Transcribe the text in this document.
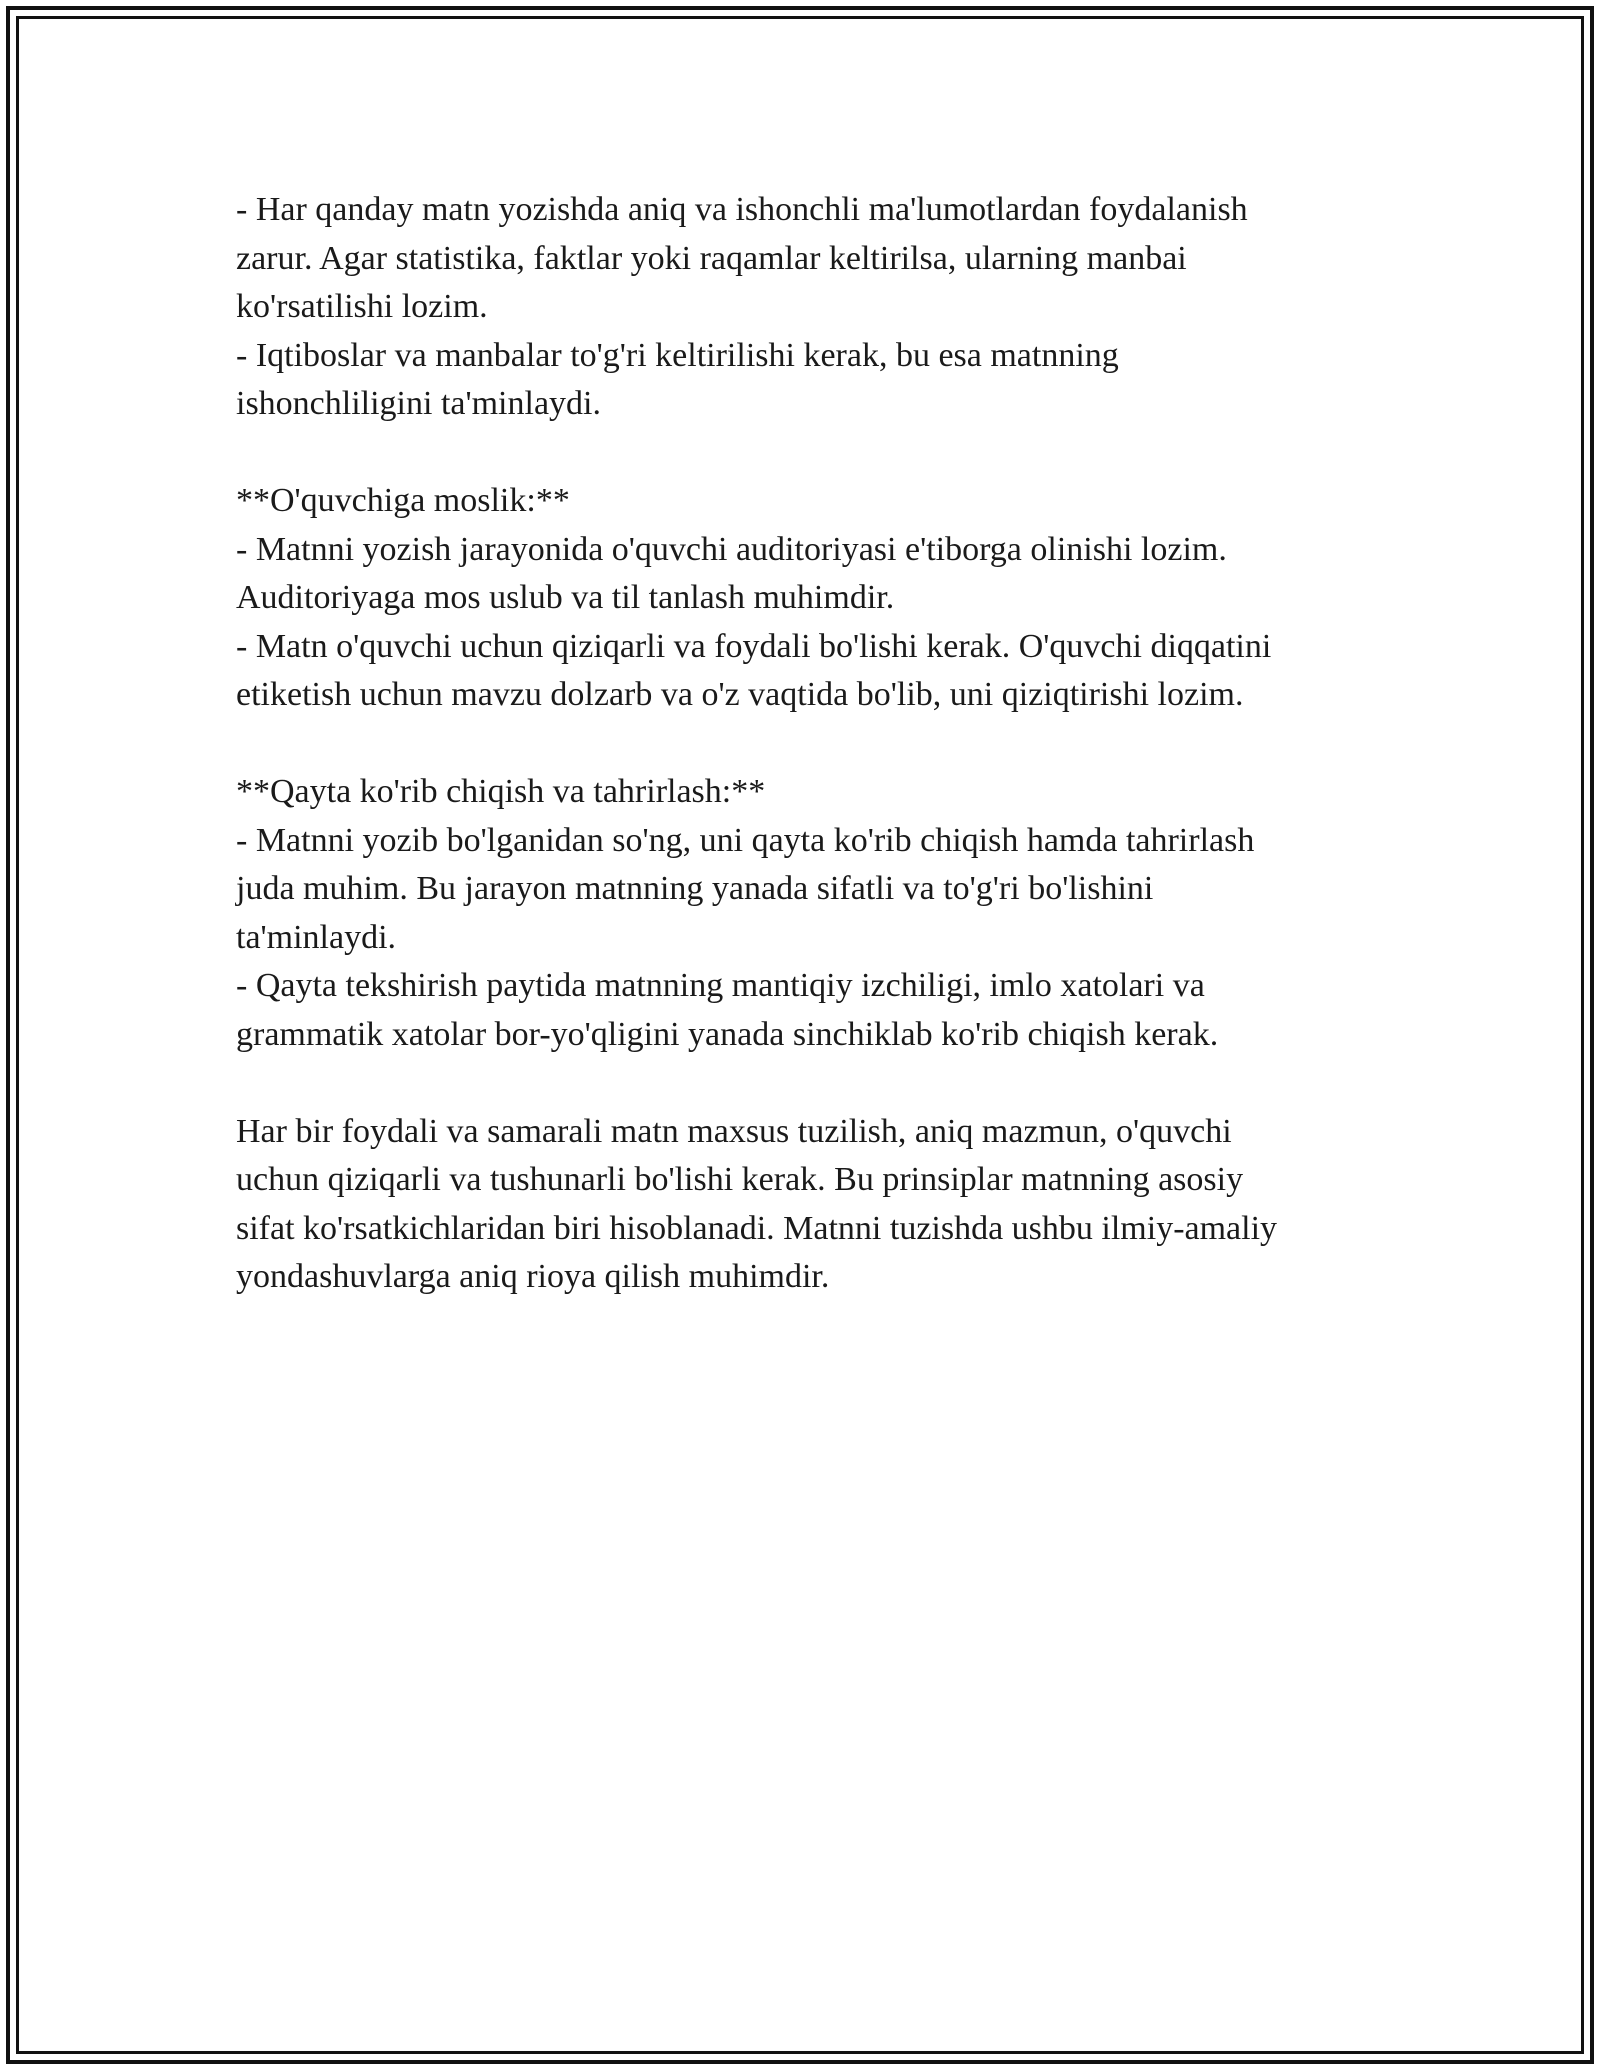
- Har qanday matn yozishda aniq va ishonchli ma'lumotlardan foydalanish
zarur. Agar statistika, faktlar yoki raqamlar keltirilsa, ularning manbai
ko'rsatilishi lozim.

- Iqtiboslar va manbalar to'g'ri keltirilishi kerak, bu esa matnning
ishonchliligini ta'minlaydi.

**O'quvchiga moslik:**

- Matnni yozish jarayonida o'quvchi auditoriyasi e'tiborga olinishi lozim.
Auditoriyaga mos uslub va til tanlash muhimdir.

- Matn o'quvchi uchun qiziqarli va foydali bo'lishi kerak. O'quvchi diqqatini
etiketish uchun mavzu dolzarb va o'z vaqtida bo'lib, uni qiziqtirishi lozim.

**Qayta ko'rib chiqish va tahrirlash:**

- Matnni yozib bo'lganidan so'ng, uni qayta ko'rib chiqish hamda tahrirlash
juda muhim. Bu jarayon matnning yanada sifatli va to'g'ri bo'lishini
ta'minlaydi.

- Qayta tekshirish paytida matnning mantiqiy izchiligi, imlo xatolari va
grammatik xatolar bor-yo'qligini yanada sinchiklab ko'rib chiqish kerak.

Har bir foydali va samarali matn maxsus tuzilish, aniq mazmun, o'quvchi
uchun qiziqarli va tushunarli bo'lishi kerak. Bu prinsiplar matnning asosiy
sifat ko'rsatkichlaridan biri hisoblanadi. Matnni tuzishda ushbu ilmiy-amaliy
yondashuvlarga aniq rioya qilish muhimdir.
